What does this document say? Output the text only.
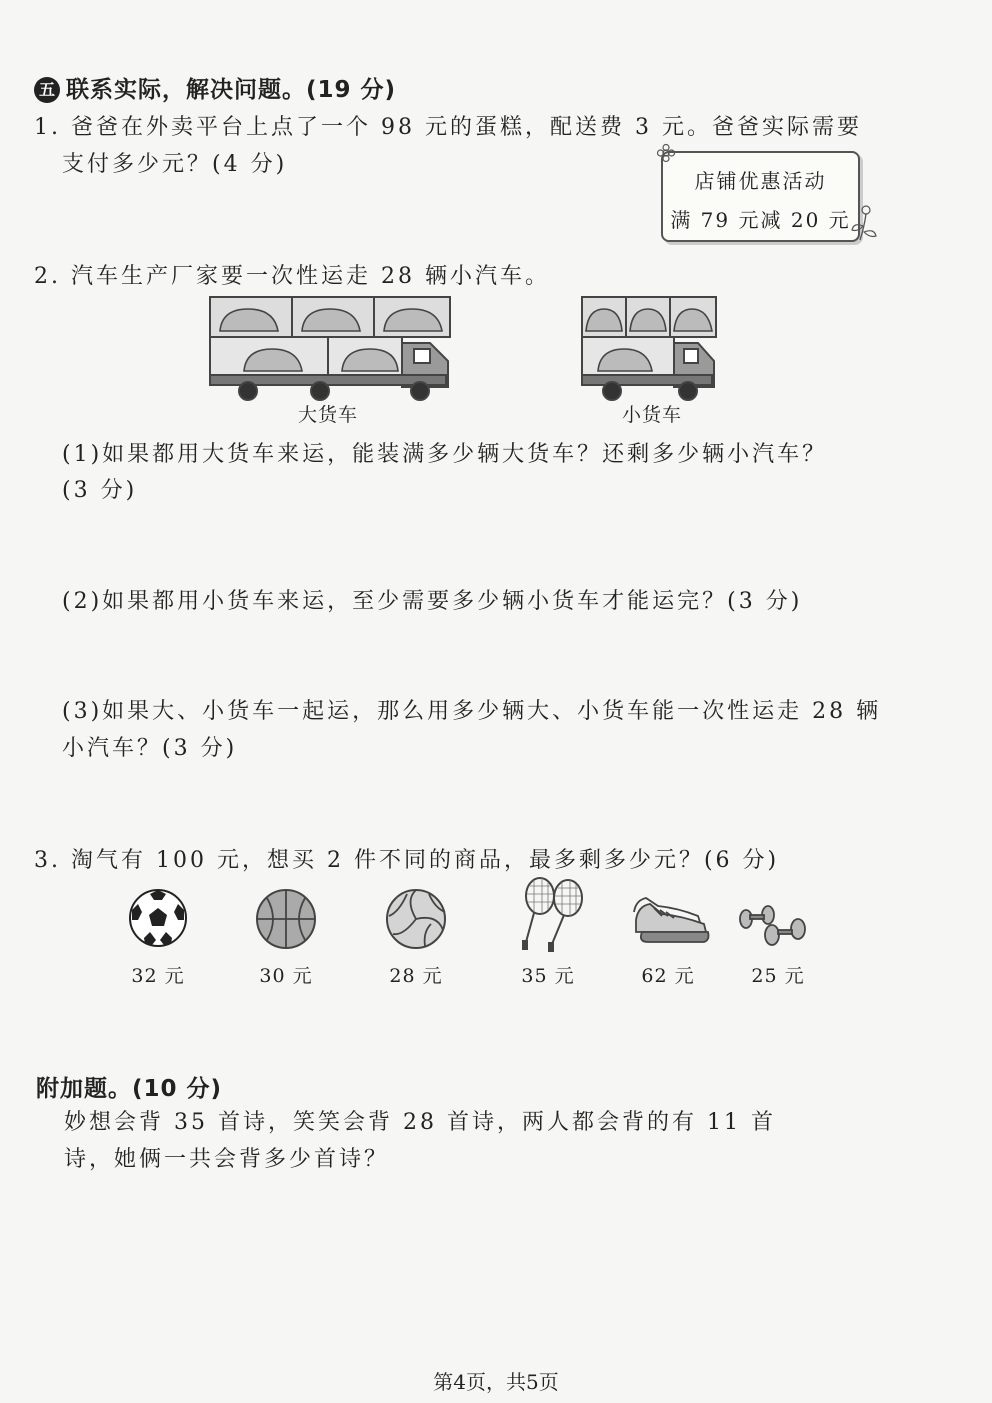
五 联系实际，解决问题。(19 分)
1. 爸爸在外卖平台上点了一个 98 元的蛋糕，配送费 3 元。爸爸实际需要
支付多少元？(4 分)
店铺优惠活动
满 79 元减 20 元
2. 汽车生产厂家要一次性运走 28 辆小汽车。
大货车	小货车
(1)如果都用大货车来运，能装满多少辆大货车？还剩多少辆小汽车？
(3 分)
(2)如果都用小货车来运，至少需要多少辆小货车才能运完？(3 分)
(3)如果大、小货车一起运，那么用多少辆大、小货车能一次性运走 28 辆
小汽车？(3 分)
3. 淘气有 100 元，想买 2 件不同的商品，最多剩多少元？(6 分)
32 元	30 元	28 元	35 元	62 元	25 元
附加题。(10 分)
妙想会背 35 首诗，笑笑会背 28 首诗，两人都会背的有 11 首
诗，她俩一共会背多少首诗？
第4页，共5页
